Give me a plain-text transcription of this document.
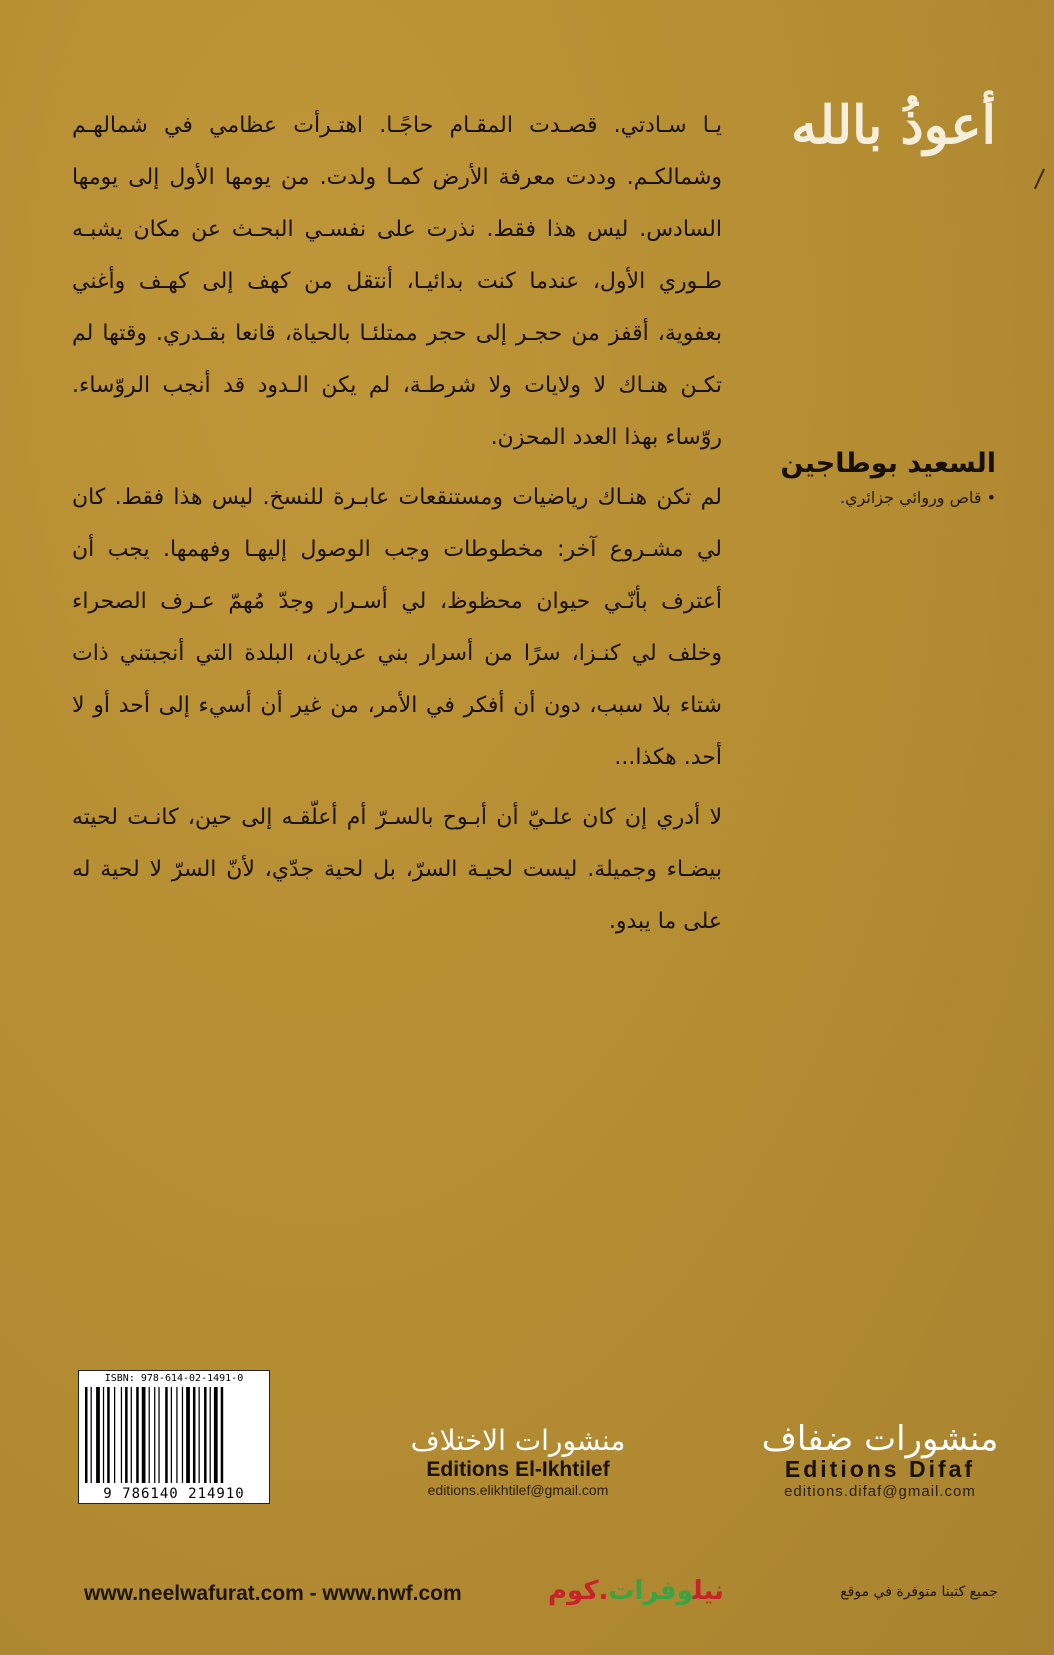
أعوذُ بالله

يـا سـادتي. قصـدت المقـام حاجًـا. اهتـرأت عظامي في شمالهـم وشمالكـم. وددت معرفة الأرض كمـا ولدت. من يومها الأول إلى يومها السادس. ليس هذا فقط. نذرت على نفسـي البحـث عن مكان يشبـه طـوري الأول، عندما كنت بدائيـا، أنتقل من كهف إلى كهـف وأغني بعفوية، أقفز من حجـر إلى حجر ممتلئـا بالحياة، قانعا بقـدري. وقتها لم تكـن هنـاك لا ولايات ولا شرطـة، لم يكن الـدود قد أنجب الروّساء. روّساء بهذا العدد المحزن.

لم تكن هنـاك رياضيات ومستنقعات عابـرة للنسخ. ليس هذا فقط. كان لي مشـروع آخر: مخطوطات وجب الوصول إليهـا وفهمها. يجب أن أعترف بأنّـي حيوان محظوظ، لي أسـرار وجدّ مُهمّ عـرف الصحراء وخلف لي كنـزا، سرًا من أسرار بني عريان، البلدة التي أنجبتني ذات شتاء بلا سبب، دون أن أفكر في الأمر، من غير أن أسيء إلى أحد أو لا أحد. هكذا...

لا أدري إن كان علـيّ أن أبـوح بالسـرّ أم أعلّقـه إلى حين، كانـت لحيته بيضـاء وجميلة. ليست لحيـة السرّ، بل لحية جدّي، لأنّ السرّ لا لحية له على ما يبدو.

السعيد بوطاجين
• قاص وروائي جزائري.
ISBN: 978-614-02-1491-0
9 786140 214910
منشورات الاختلاف
Editions El-Ikhtilef
editions.elikhtilef@gmail.com
منشورات ضفاف
Editions Difaf
editions.difaf@gmail.com
www.neelwafurat.com - www.nwf.com	نيلوفرات.كوم	جميع كتبنا متوفرة في موقع
